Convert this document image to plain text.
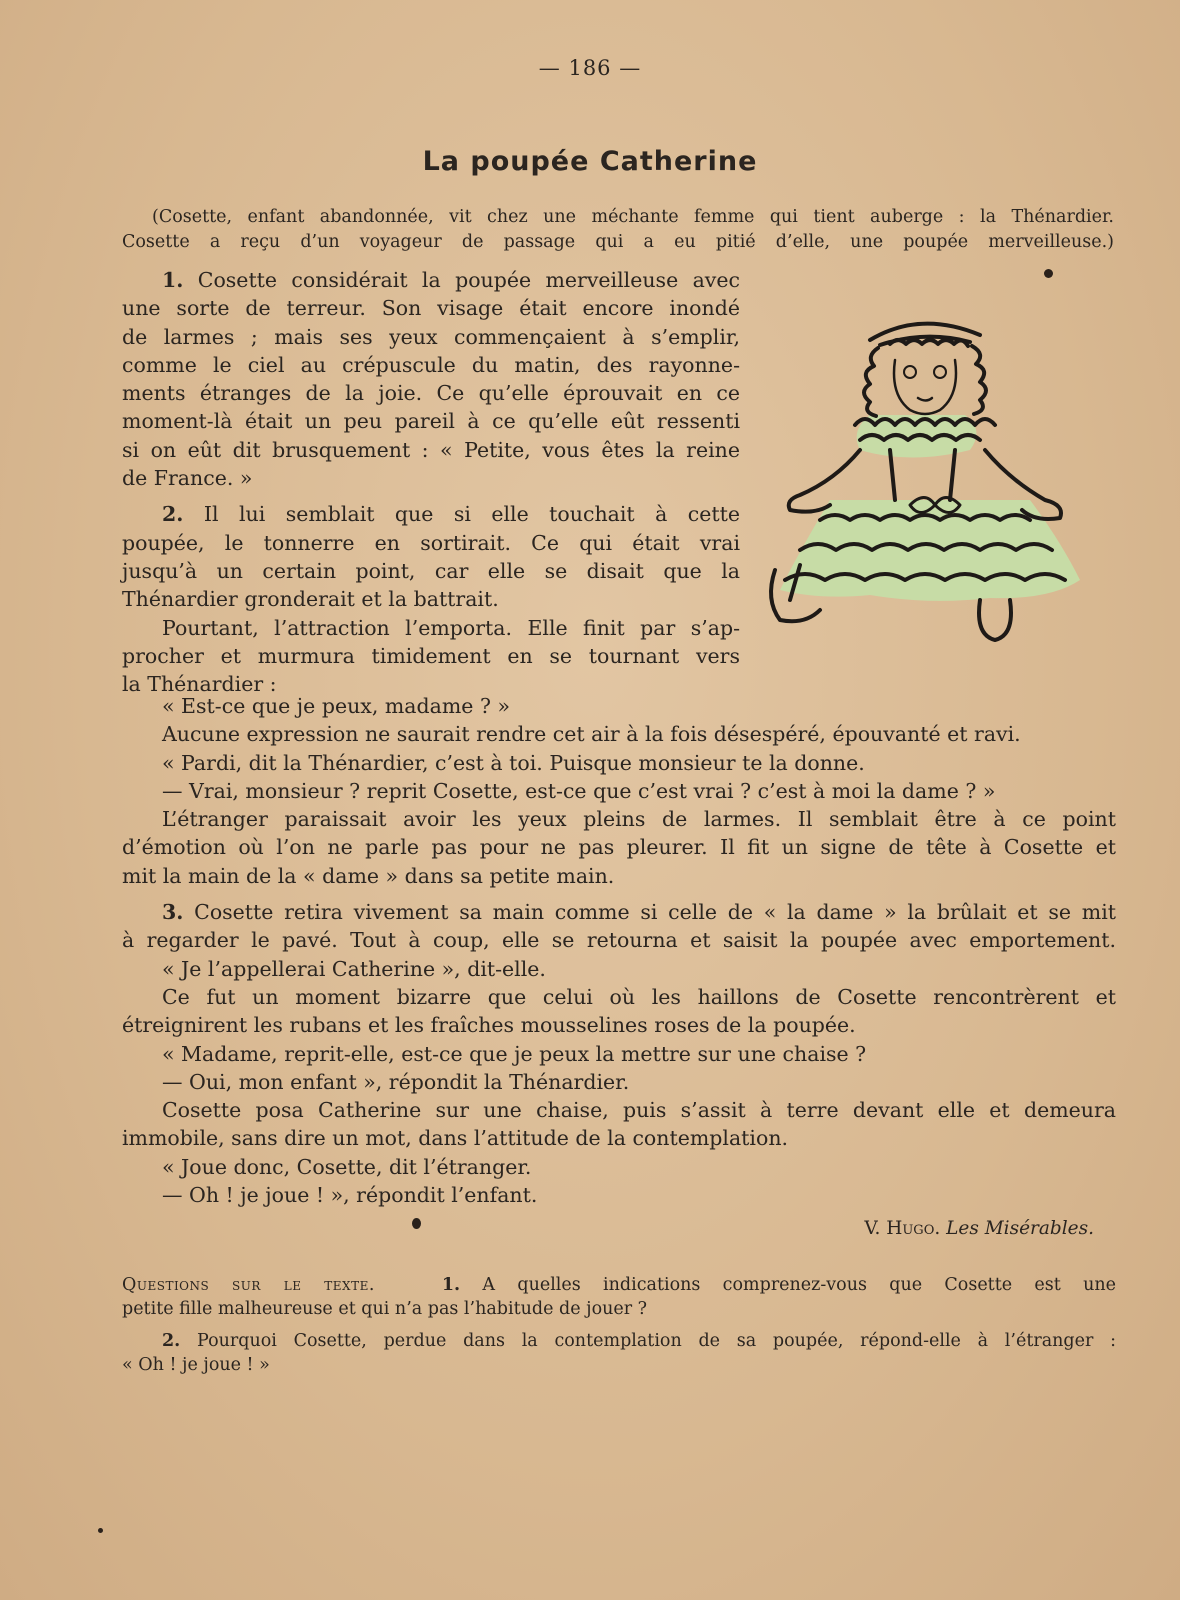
— 186 —
La poupée Catherine
(Cosette, enfant abandonnée, vit chez une méchante femme qui tient auberge : la Thénardier.
Cosette a reçu d’un voyageur de passage qui a eu pitié d’elle, une poupée merveilleuse.)
1. Cosette considérait la poupée merveilleuse avec
une sorte de terreur. Son visage était encore inondé
de larmes ; mais ses yeux commençaient à s’emplir,
comme le ciel au crépuscule du matin, des rayonne-
ments étranges de la joie. Ce qu’elle éprouvait en ce
moment-là était un peu pareil à ce qu’elle eût ressenti
si on eût dit brusquement : « Petite, vous êtes la reine
de France. »
2. Il lui semblait que si elle touchait à cette
poupée, le tonnerre en sortirait. Ce qui était vrai
jusqu’à un certain point, car elle se disait que la
Thénardier gronderait et la battrait.
Pourtant, l’attraction l’emporta. Elle finit par s’ap-
procher et murmura timidement en se tournant vers
la Thénardier :
« Est-ce que je peux, madame ? »
Aucune expression ne saurait rendre cet air à la fois désespéré, épouvanté et ravi.
« Pardi, dit la Thénardier, c’est à toi. Puisque monsieur te la donne.
— Vrai, monsieur ? reprit Cosette, est-ce que c’est vrai ? c’est à moi la dame ? »
L’étranger paraissait avoir les yeux pleins de larmes. Il semblait être à ce point
d’émotion où l’on ne parle pas pour ne pas pleurer. Il fit un signe de tête à Cosette et
mit la main de la « dame » dans sa petite main.
3. Cosette retira vivement sa main comme si celle de « la dame » la brûlait et se mit
à regarder le pavé. Tout à coup, elle se retourna et saisit la poupée avec emportement.
« Je l’appellerai Catherine », dit-elle.
Ce fut un moment bizarre que celui où les haillons de Cosette rencontrèrent et
étreignirent les rubans et les fraîches mousselines roses de la poupée.
« Madame, reprit-elle, est-ce que je peux la mettre sur une chaise ?
— Oui, mon enfant », répondit la Thénardier.
Cosette posa Catherine sur une chaise, puis s’assit à terre devant elle et demeura
immobile, sans dire un mot, dans l’attitude de la contemplation.
« Joue donc, Cosette, dit l’étranger.
— Oh ! je joue ! », répondit l’enfant.
V. Hugo. Les Misérables.
Questions sur le texte.	1. A quelles indications comprenez-vous que Cosette est une
petite fille malheureuse et qui n’a pas l’habitude de jouer ?
2. Pourquoi Cosette, perdue dans la contemplation de sa poupée, répond-elle à l’étranger :
« Oh ! je joue ! »
